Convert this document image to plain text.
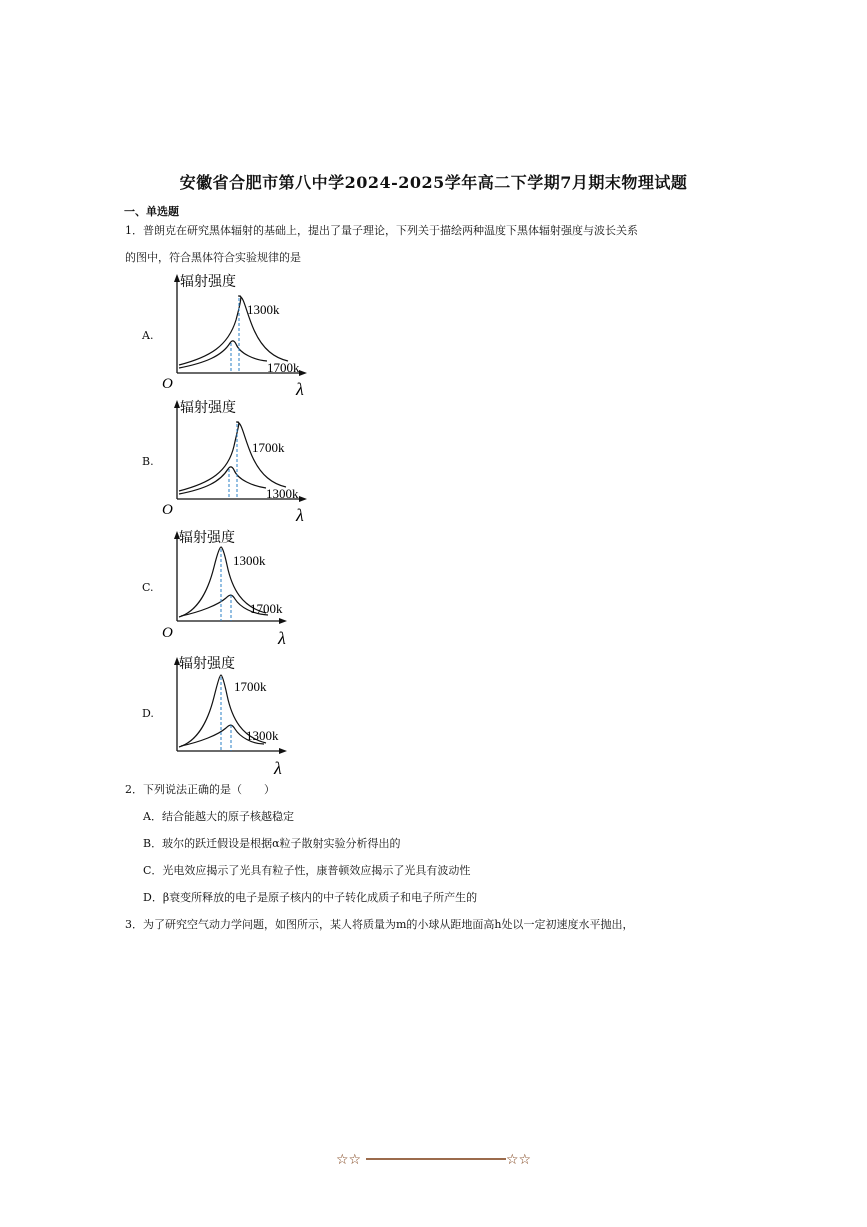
安徽省合肥市第八中学2024-2025学年高二下学期7月期末物理试题
一、单选题
1．普朗克在研究黑体辐射的基础上，提出了量子理论，下列关于描绘两种温度下黑体辐射强度与波长关系
的图中，符合黑体符合实验规律的是
A.
辐射强度
1300k
1700k
O	λ
B.
辐射强度
1700k
1300k
O	λ
C.
辐射强度
1300k
1700k
O	λ
D.
辐射强度
1700k
1300k
λ
2．下列说法正确的是（　　）
A．结合能越大的原子核越稳定
B．玻尔的跃迁假设是根据α粒子散射实验分析得出的
C．光电效应揭示了光具有粒子性，康普顿效应揭示了光具有波动性
D．β衰变所释放的电子是原子核内的中子转化成质子和电子所产生的
3．为了研究空气动力学问题，如图所示，某人将质量为m的小球从距地面高h处以一定初速度水平抛出，
☆☆	☆☆
